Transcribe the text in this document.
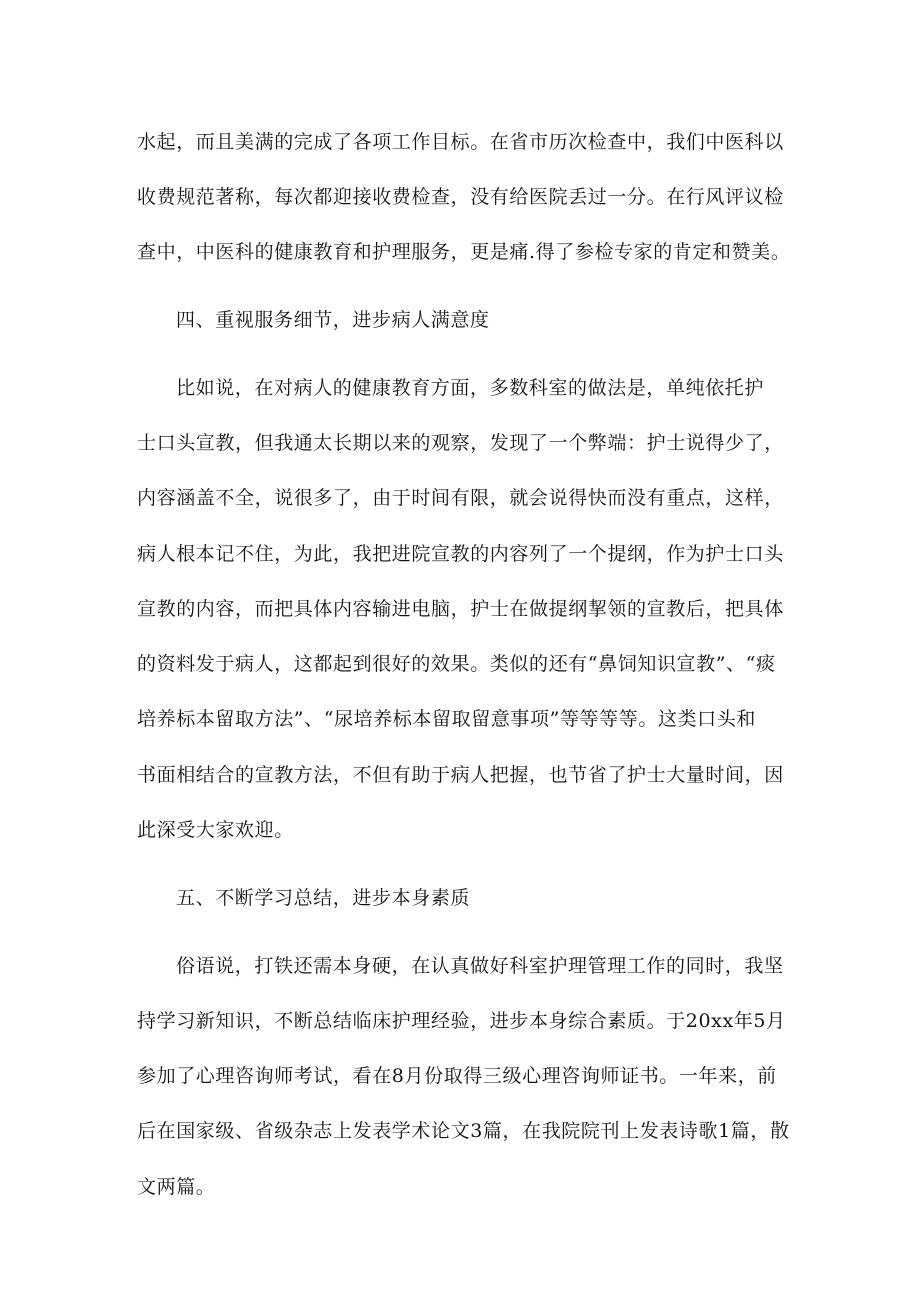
水起，而且美满的完成了各项工作目标。在省市历次检查中，我们中医科以
收费规范著称，每次都迎接收费检查，没有给医院丢过一分。在行风评议检
查中，中医科的健康教育和护理服务，更是痛.得了参检专家的肯定和赞美。
四、重视服务细节，进步病人满意度
比如说，在对病人的健康教育方面，多数科室的做法是，单纯依托护
士口头宣教，但我通太长期以来的观察，发现了一个弊端：护士说得少了，
内容涵盖不全，说很多了，由于时间有限，就会说得快而没有重点，这样，
病人根本记不住，为此，我把进院宣教的内容列了一个提纲，作为护士口头
宣教的内容，而把具体内容输进电脑，护士在做提纲挈领的宣教后，把具体
的资料发于病人，这都起到很好的效果。类似的还有“鼻饲知识宣教”、“痰
培养标本留取方法”、“尿培养标本留取留意事项”等等等等。这类口头和
书面相结合的宣教方法，不但有助于病人把握，也节省了护士大量时间，因
此深受大家欢迎。
五、不断学习总结，进步本身素质
俗语说，打铁还需本身硬，在认真做好科室护理管理工作的同时，我坚
持学习新知识，不断总结临床护理经验，进步本身综合素质。于20xx年5月
参加了心理咨询师考试，看在8月份取得三级心理咨询师证书。一年来，前
后在国家级、省级杂志上发表学术论文3篇，在我院院刊上发表诗歌1篇，散
文两篇。
